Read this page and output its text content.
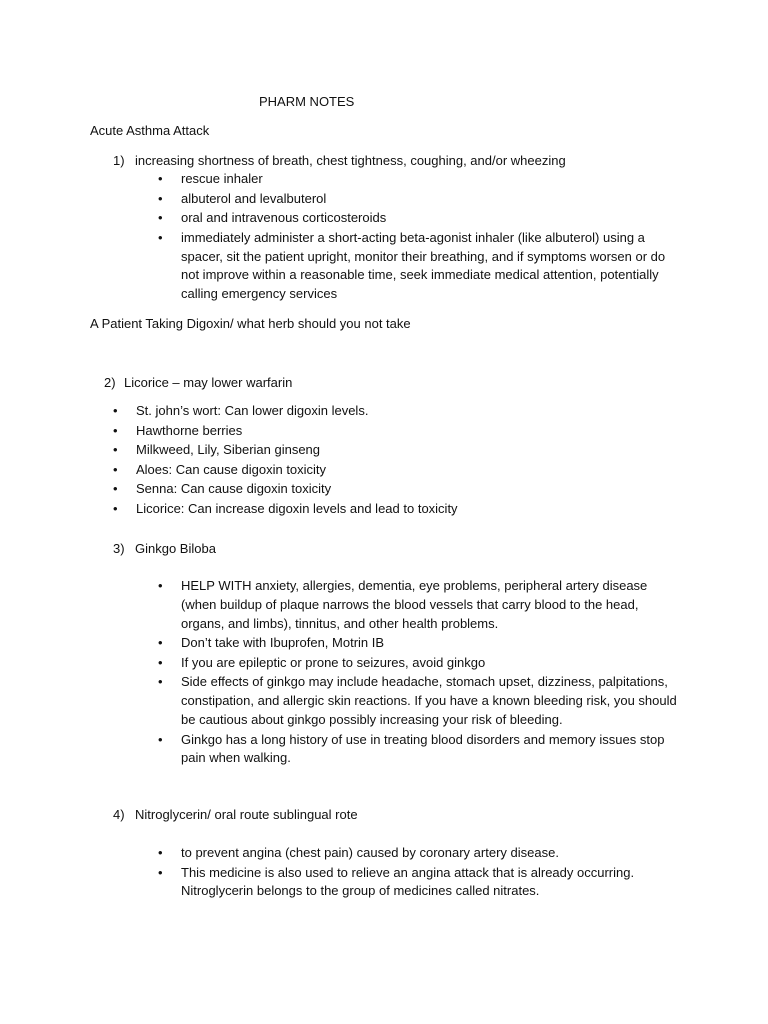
PHARM NOTES
Acute Asthma Attack
1) increasing shortness of breath, chest tightness, coughing, and/or wheezing
• rescue inhaler
• albuterol and levalbuterol
• oral and intravenous corticosteroids
• immediately administer a short-acting beta-agonist inhaler (like albuterol) using a spacer, sit the patient upright, monitor their breathing, and if symptoms worsen or do not improve within a reasonable time, seek immediate medical attention, potentially calling emergency services
A Patient Taking Digoxin/ what herb should you not take
2) Licorice – may lower warfarin
• St. john’s wort: Can lower digoxin levels.
• Hawthorne berries
• Milkweed, Lily, Siberian ginseng
• Aloes: Can cause digoxin toxicity
• Senna: Can cause digoxin toxicity
• Licorice: Can increase digoxin levels and lead to toxicity
3) Ginkgo Biloba
• HELP WITH anxiety, allergies, dementia, eye problems, peripheral artery disease (when buildup of plaque narrows the blood vessels that carry blood to the head, organs, and limbs), tinnitus, and other health problems.
• Don’t take with Ibuprofen, Motrin IB
• If you are epileptic or prone to seizures, avoid ginkgo
• Side effects of ginkgo may include headache, stomach upset, dizziness, palpitations, constipation, and allergic skin reactions. If you have a known bleeding risk, you should be cautious about ginkgo possibly increasing your risk of bleeding.
• Ginkgo has a long history of use in treating blood disorders and memory issues stop pain when walking.
4) Nitroglycerin/ oral route sublingual rote
• to prevent angina (chest pain) caused by coronary artery disease.
• This medicine is also used to relieve an angina attack that is already occurring. Nitroglycerin belongs to the group of medicines called nitrates.
